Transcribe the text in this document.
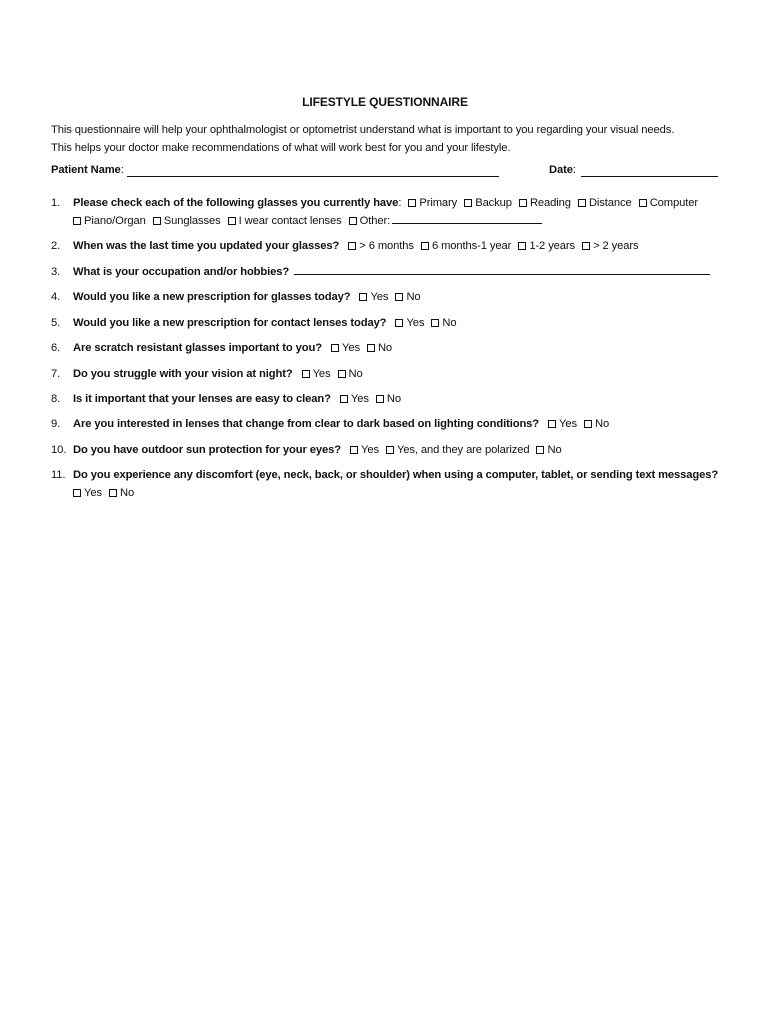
LIFESTYLE QUESTIONNAIRE
This questionnaire will help your ophthalmologist or optometrist understand what is important to you regarding your visual needs.
This helps your doctor make recommendations of what will work best for you and your lifestyle.
Patient Name:	Date:
1.	Please check each of the following glasses you currently have: Primary Backup Reading Distance Computer
Piano/Organ Sunglasses I wear contact lenses Other:
2.	When was the last time you updated your glasses? > 6 months 6 months-1 year 1-2 years > 2 years
3.	What is your occupation and/or hobbies?
4.	Would you like a new prescription for glasses today? Yes No
5.	Would you like a new prescription for contact lenses today? Yes No
6.	Are scratch resistant glasses important to you? Yes No
7.	Do you struggle with your vision at night? Yes No
8.	Is it important that your lenses are easy to clean? Yes No
9.	Are you interested in lenses that change from clear to dark based on lighting conditions? Yes No
10. Do you have outdoor sun protection for your eyes? Yes Yes, and they are polarized No
11. Do you experience any discomfort (eye, neck, back, or shoulder) when using a computer, tablet, or sending text messages?
Yes No
